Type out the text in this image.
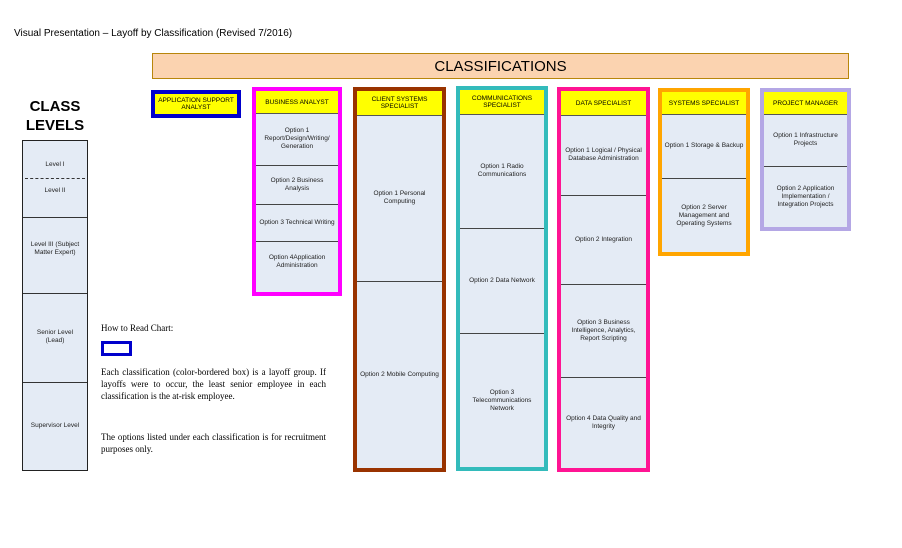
Visual Presentation – Layoff by Classification (Revised 7/2016)
CLASSIFICATIONS
CLASS
LEVELS
Level I
Level II
Level III (Subject Matter Expert)
Senior Level (Lead)
Supervisor Level
APPLICATION SUPPORT ANALYST
BUSINESS ANALYST
Option 1 Report/Design/Writing/ Generation
Option 2 Business Analysis
Option 3 Technical Writing
Option 4Application Administration
CLIENT SYSTEMS SPECIALIST
Option 1 Personal Computing
Option 2 Mobile Computing
COMMUNICATIONS SPECIALIST
Option 1 Radio Communications
Option 2 Data Network
Option 3 Telecommunications Network
DATA SPECIALIST
Option 1 Logical / Physical Database Administration
Option 2 Integration
Option 3 Business Intelligence, Analytics, Report Scripting
Option 4 Data Quality and Integrity
SYSTEMS SPECIALIST
Option 1 Storage & Backup
Option 2 Server Management and Operating Systems
PROJECT MANAGER
Option 1 Infrastructure Projects
Option 2 Application Implementation / Integration Projects
How to Read Chart:
Each classification (color-bordered box) is a layoff group. If layoffs were to occur, the least senior employee in each classification is the at-risk employee.
The options listed under each classification is for recruitment purposes only.
